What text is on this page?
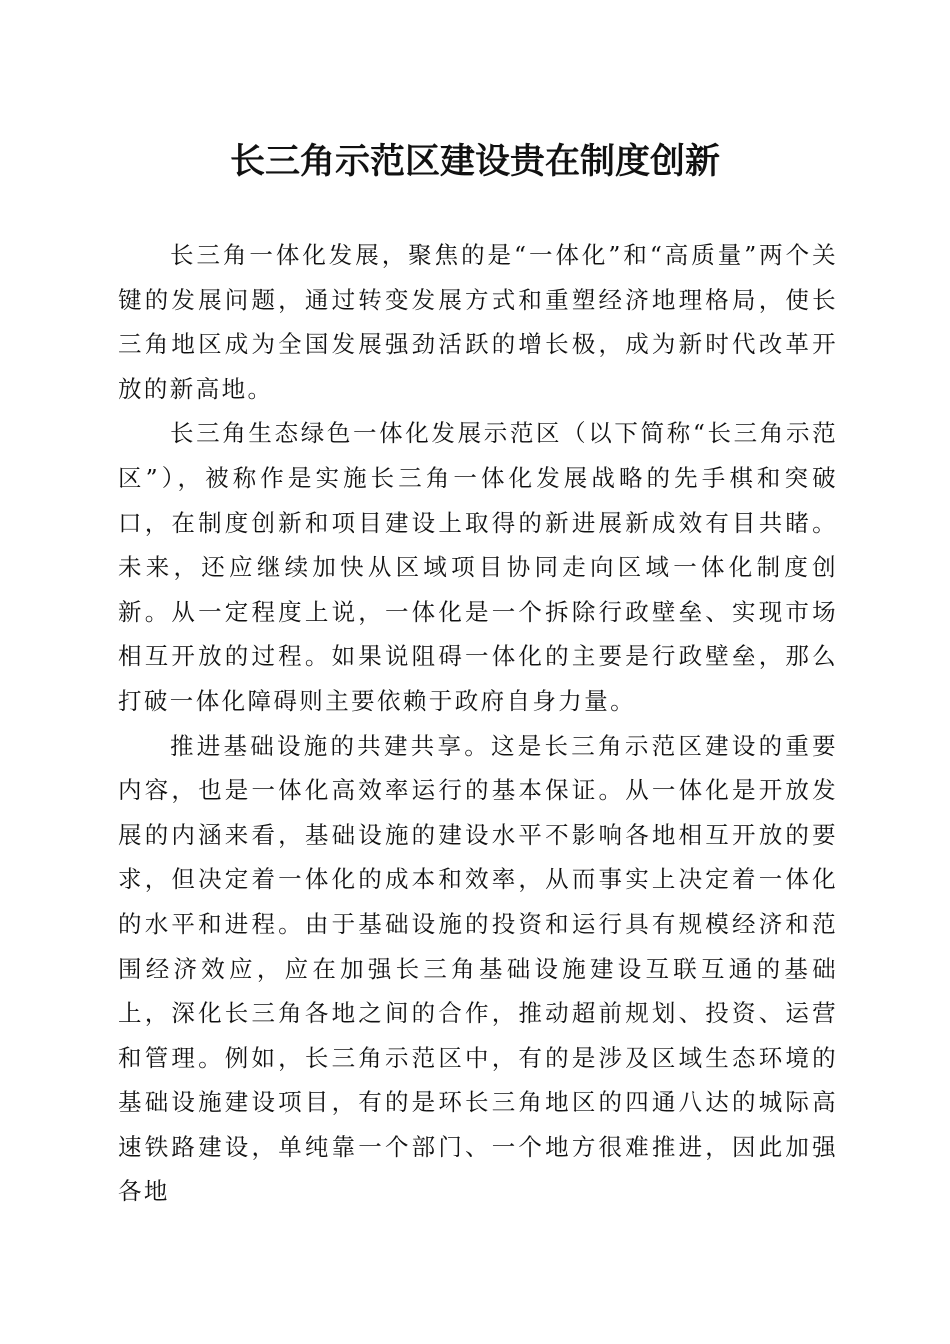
长三角示范区建设贵在制度创新

长三角一体化发展，聚焦的是“一体化”和“高质量”两个关键的发展问题，通过转变发展方式和重塑经济地理格局，使长三角地区成为全国发展强劲活跃的增长极，成为新时代改革开放的新高地。

长三角生态绿色一体化发展示范区（以下简称“长三角示范区”），被称作是实施长三角一体化发展战略的先手棋和突破口，在制度创新和项目建设上取得的新进展新成效有目共睹。未来，还应继续加快从区域项目协同走向区域一体化制度创新。从一定程度上说，一体化是一个拆除行政壁垒、实现市场相互开放的过程。如果说阻碍一体化的主要是行政壁垒，那么打破一体化障碍则主要依赖于政府自身力量。

推进基础设施的共建共享。这是长三角示范区建设的重要内容，也是一体化高效率运行的基本保证。从一体化是开放发展的内涵来看，基础设施的建设水平不影响各地相互开放的要求，但决定着一体化的成本和效率，从而事实上决定着一体化的水平和进程。由于基础设施的投资和运行具有规模经济和范围经济效应，应在加强长三角基础设施建设互联互通的基础上，深化长三角各地之间的合作，推动超前规划、投资、运营和管理。例如，长三角示范区中，有的是涉及区域生态环境的基础设施建设项目，有的是环长三角地区的四通八达的城际高速铁路建设，单纯靠一个部门、一个地方很难推进，因此加强各地
